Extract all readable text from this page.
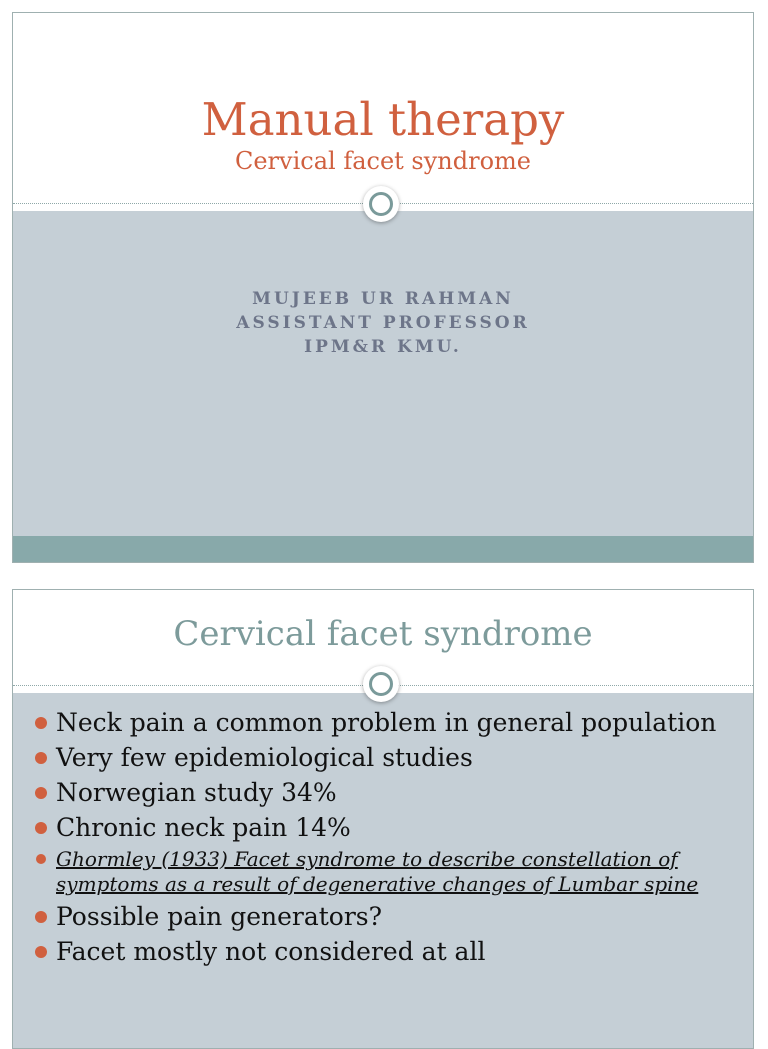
Manual therapy
Cervical facet syndrome
MUJEEB UR RAHMAN
ASSISTANT PROFESSOR
IPM&R KMU.
Cervical facet syndrome
Neck pain a common problem in general population
Very few epidemiological studies
Norwegian study 34%
Chronic neck pain 14%
Ghormley (1933) Facet syndrome to describe constellation of symptoms as a result of degenerative changes of Lumbar spine
Possible pain generators?
Facet mostly not considered at all
